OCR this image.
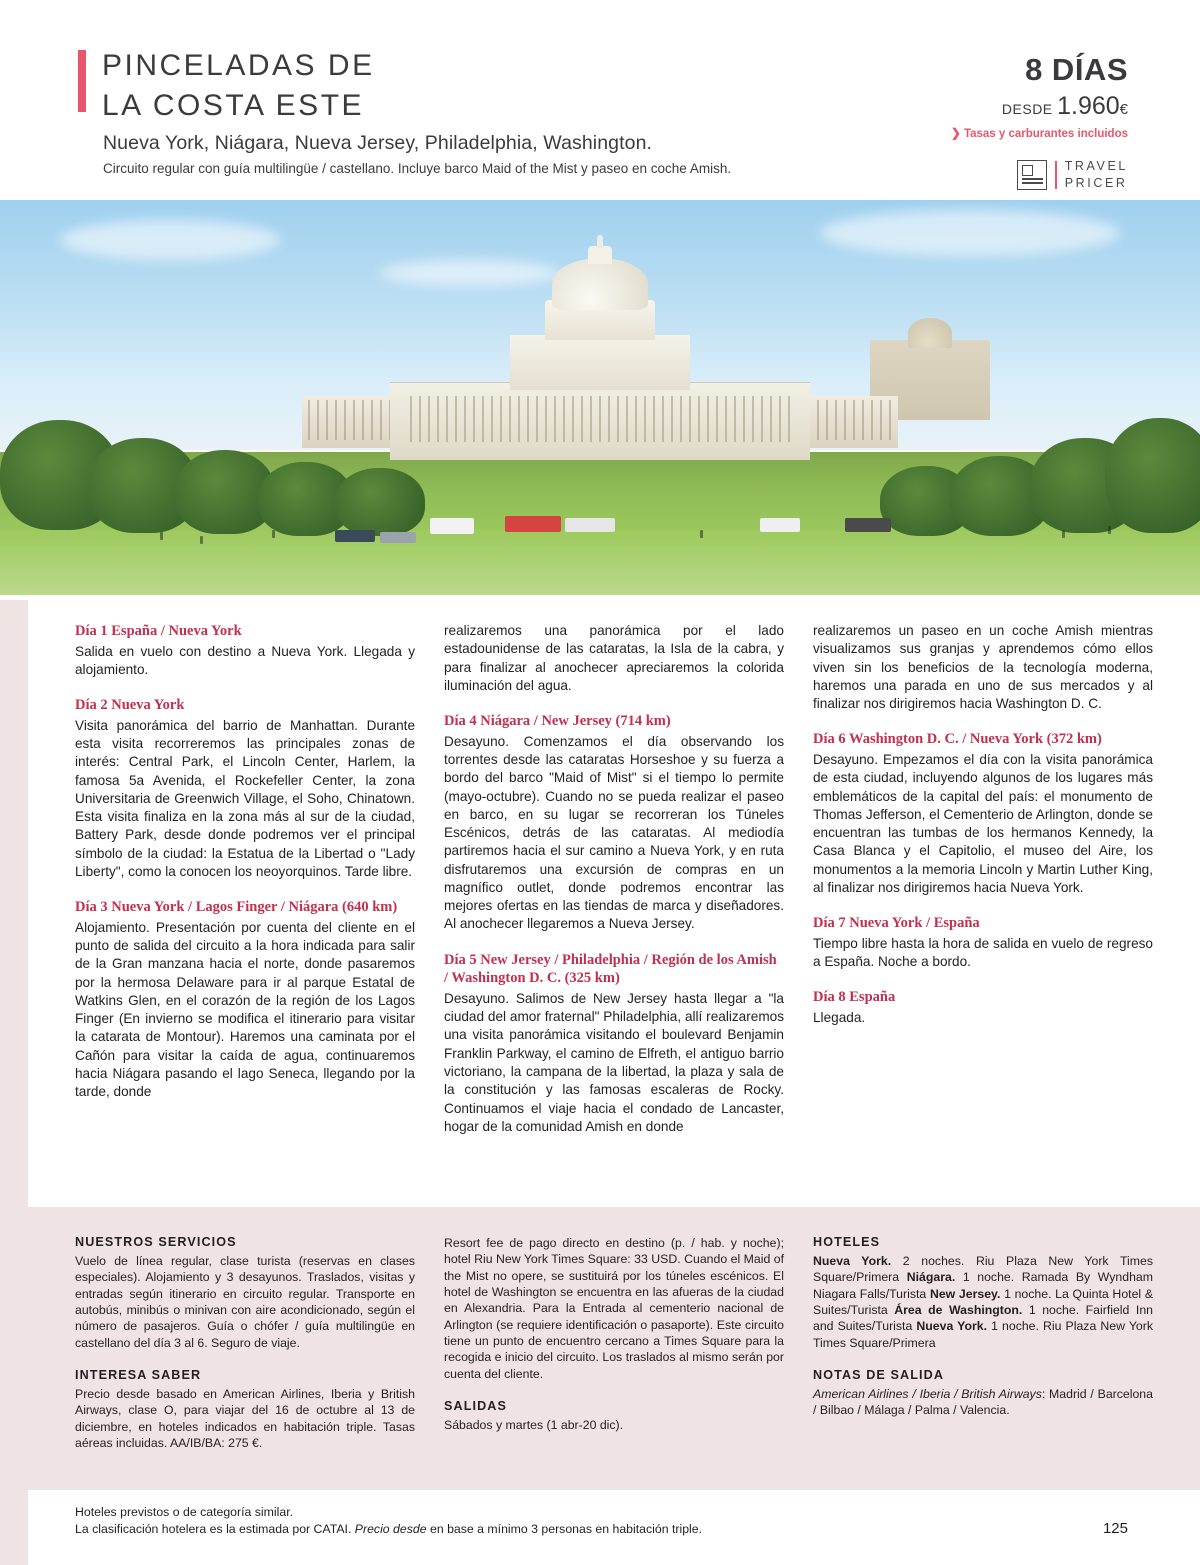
PINCELADAS DE
LA COSTA ESTE
Nueva York, Niágara, Nueva Jersey, Philadelphia, Washington.
Circuito regular con guía multilingüe / castellano. Incluye barco Maid of the Mist y paseo en coche Amish.
8 DÍAS
DESDE 1.960€
❯ Tasas y carburantes incluidos
TRAVEL
PRICER

Día 1 España / Nueva York

Salida en vuelo con destino a Nueva York. Llegada y alojamiento.

Día 2 Nueva York

Visita panorámica del barrio de Manhattan. Durante esta visita recorreremos las principales zonas de interés: Central Park, el Lincoln Center, Harlem, la famosa 5a Avenida, el Rockefeller Center, la zona Universitaria de Greenwich Village, el Soho, Chinatown. Esta visita finaliza en la zona más al sur de la ciudad, Battery Park, desde donde podremos ver el principal símbolo de la ciudad: la Estatua de la Libertad o "Lady Liberty", como la conocen los neoyorquinos. Tarde libre.

Día 3 Nueva York / Lagos Finger / Niágara (640 km)

Alojamiento. Presentación por cuenta del cliente en el punto de salida del circuito a la hora indicada para salir de la Gran manzana hacia el norte, donde pasaremos por la hermosa Delaware para ir al parque Estatal de Watkins Glen, en el corazón de la región de los Lagos Finger (En invierno se modifica el itinerario para visitar la catarata de Montour). Haremos una caminata por el Cañón para visitar la caída de agua, continuaremos hacia Niágara pasando el lago Seneca, llegando por la tarde, donde

realizaremos una panorámica por el lado estadounidense de las cataratas, la Isla de la cabra, y para finalizar al anochecer apreciaremos la colorida iluminación del agua.

Día 4 Niágara / New Jersey (714 km)

Desayuno. Comenzamos el día observando los torrentes desde las cataratas Horseshoe y su fuerza a bordo del barco "Maid of Mist" si el tiempo lo permite (mayo-octubre). Cuando no se pueda realizar el paseo en barco, en su lugar se recorreran los Túneles Escénicos, detrás de las cataratas. Al mediodía partiremos hacia el sur camino a Nueva York, y en ruta disfrutaremos una excursión de compras en un magnífico outlet, donde podremos encontrar las mejores ofertas en las tiendas de marca y diseñadores. Al anochecer llegaremos a Nueva Jersey.

Día 5 New Jersey / Philadelphia / Región de los Amish / Washington D. C. (325 km)

Desayuno. Salimos de New Jersey hasta llegar a "la ciudad del amor fraternal" Philadelphia, allí realizaremos una visita panorámica visitando el boulevard Benjamin Franklin Parkway, el camino de Elfreth, el antiguo barrio victoriano, la campana de la libertad, la plaza y sala de la constitución y las famosas escaleras de Rocky. Continuamos el viaje hacia el condado de Lancaster, hogar de la comunidad Amish en donde

realizaremos un paseo en un coche Amish mientras visualizamos sus granjas y aprendemos cómo ellos viven sin los beneficios de la tecnología moderna, haremos una parada en uno de sus mercados y al finalizar nos dirigiremos hacia Washington D. C.

Día 6 Washington D. C. / Nueva York (372 km)

Desayuno. Empezamos el día con la visita panorámica de esta ciudad, incluyendo algunos de los lugares más emblemáticos de la capital del país: el monumento de Thomas Jefferson, el Cementerio de Arlington, donde se encuentran las tumbas de los hermanos Kennedy, la Casa Blanca y el Capitolio, el museo del Aire, los monumentos a la memoria Lincoln y Martin Luther King, al finalizar nos dirigiremos hacia Nueva York.

Día 7 Nueva York / España

Tiempo libre hasta la hora de salida en vuelo de regreso a España. Noche a bordo.

Día 8 España

Llegada.

NUESTROS SERVICIOS

Vuelo de línea regular, clase turista (reservas en clases especiales). Alojamiento y 3 desayunos. Traslados, visitas y entradas según itinerario en circuito regular. Transporte en autobús, minibús o minivan con aire acondicionado, según el número de pasajeros. Guía o chófer / guía multilingüe en castellano del día 3 al 6. Seguro de viaje.

INTERESA SABER

Precio desde basado en American Airlines, Iberia y British Airways, clase O, para viajar del 16 de octubre al 13 de diciembre, en hoteles indicados en habitación triple. Tasas aéreas incluidas. AA/IB/BA: 275 €.

Resort fee de pago directo en destino (p. / hab. y noche); hotel Riu New York Times Square: 33 USD. Cuando el Maid of the Mist no opere, se sustituirá por los túneles escénicos. El hotel de Washington se encuentra en las afueras de la ciudad en Alexandria. Para la Entrada al cementerio nacional de Arlington (se requiere identificación o pasaporte). Este circuito tiene un punto de encuentro cercano a Times Square para la recogida e inicio del circuito. Los traslados al mismo serán por cuenta del cliente.

SALIDAS

Sábados y martes (1 abr-20 dic).

HOTELES

Nueva York. 2 noches. Riu Plaza New York Times Square/Primera Niágara. 1 noche. Ramada By Wyndham Niagara Falls/Turista New Jersey. 1 noche. La Quinta Hotel & Suites/Turista Área de Washington. 1 noche. Fairfield Inn and Suites/Turista Nueva York. 1 noche. Riu Plaza New York Times Square/Primera

NOTAS DE SALIDA

American Airlines / Iberia / British Airways: Madrid / Barcelona / Bilbao / Málaga / Palma / Valencia.

Hoteles previstos o de categoría similar.
La clasificación hotelera es la estimada por CATAI. Precio desde en base a mínimo 3 personas en habitación triple.	125
